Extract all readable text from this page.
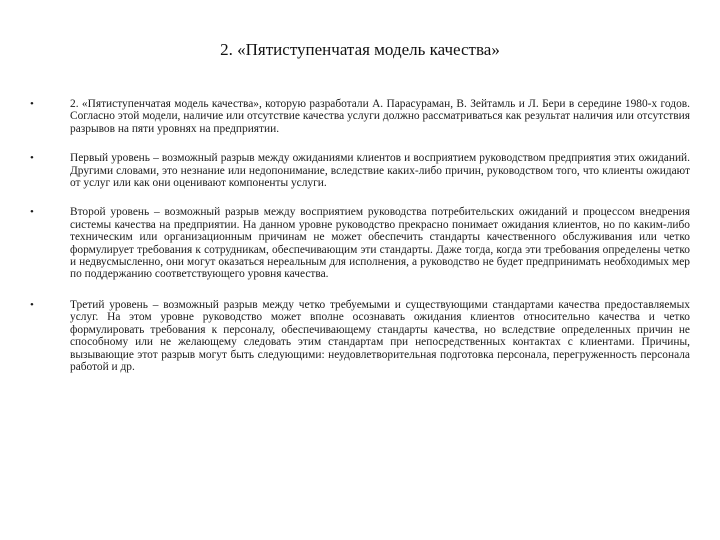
2. «Пятиступенчатая модель качества»
•	2. «Пятиступенчатая модель качества», которую разработали А. Парасураман, В. Зейтамль и Л. Бери в середине 1980-х годов. Согласно этой модели, наличие или отсутствие качества услуги должно рассматриваться как результат наличия или отсутствия разрывов на пяти уровнях на предприятии.
•	Первый уровень – возможный разрыв между ожиданиями клиентов и восприятием руководством предприятия этих ожиданий. Другими словами, это незнание или недопонимание, вследствие каких-либо причин, руководством того, что клиенты ожидают от услуг или как они оценивают компоненты услуги.
•	Второй уровень – возможный разрыв между восприятием руководства потребительских ожиданий и процессом внедрения системы качества на предприятии. На данном уровне руководство прекрасно понимает ожидания клиентов, но по каким-либо техническим или организационным причинам не может обеспечить стандарты качественного обслуживания или четко формулирует требования к сотрудникам, обеспечивающим эти стандарты. Даже тогда, когда эти требования определены четко и недвусмысленно, они могут оказаться нереальным для исполнения, а руководство не будет предпринимать необходимых мер по поддержанию соответствующего уровня качества.
•	Третий уровень – возможный разрыв между четко требуемыми и существующими стандартами качества предоставляемых услуг. На этом уровне руководство может вполне осознавать ожидания клиентов относительно качества и четко формулировать требования к персоналу, обеспечивающему стандарты качества, но вследствие определенных причин не способному или не желающему следовать этим стандартам при непосредственных контактах с клиентами. Причины, вызывающие этот разрыв могут быть следующими: неудовлетворительная подготовка персонала, перегруженность персонала работой и др.
